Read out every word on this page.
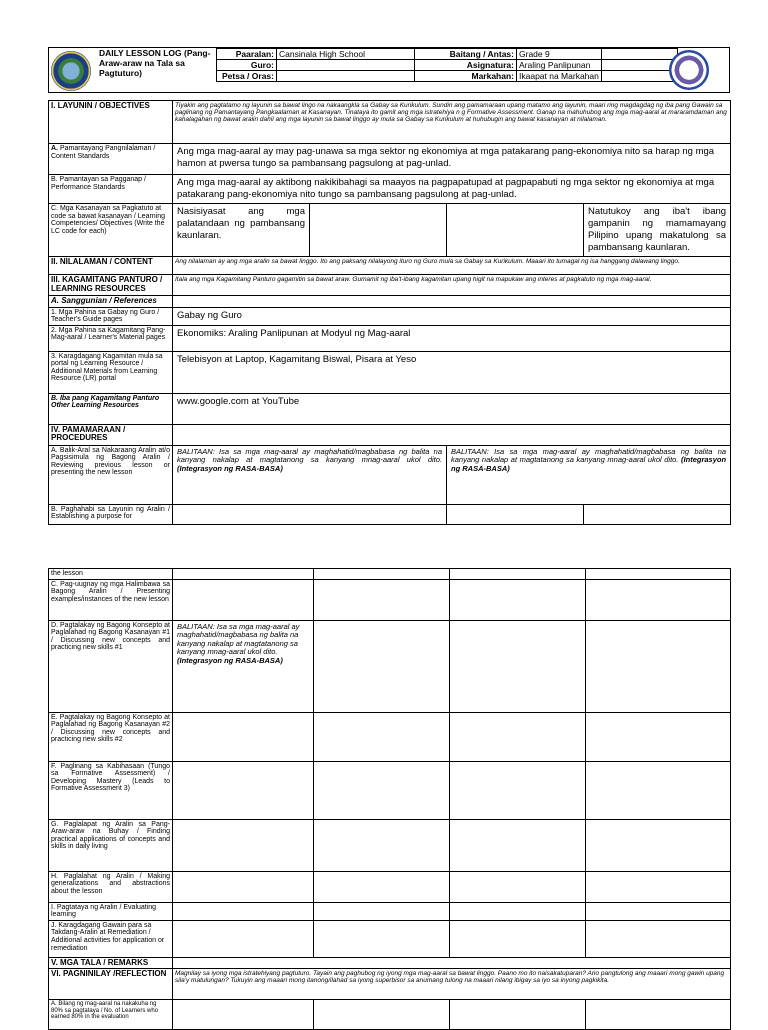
DAILY LESSON LOG (Pang-Araw-araw na Tala sa Pagtuturo)
Paaralan:	Cansinala High School	Baitang / Antas:	Grade 9	
Guro:		Asignatura:	Araling Panlipunan	
Petsa / Oras:		Markahan:	Ikaapat na Markahan	
I. LAYUNIN / OBJECTIVES	Tiyakin ang pagtatamo ng layunin sa bawat lingo na nakaangkla sa Gabay sa Kurikulum. Sundin ang pamamaraan upang matamo ang layunin, maari ring magdagdag ng iba pang Gawain sa paglinang ng Pamantayang Pangkaalaman at Kasanayan. Tinataya ito gamit ang mga istratehiya n g Formative Assessment. Ganap na mahuhubog ang mga mag-aaral at mararamdaman ang kahalagahan ng bawat aralin dahil ang mga layunin sa bawat linggo ay mula sa Gabay sa Kurikulum at huhubugin ang bawat kasanayan at nilalaman.			
A. Pamantayang Pangnilalaman / Content Standards	Ang mga mag-aaral ay may pag-unawa sa mga sektor ng ekonomiya at mga patakarang pang-ekonomiya nito sa harap ng mga hamon at pwersa tungo sa pambansang pagsulong at pag-unlad.			
B. Pamantayan sa Pagganap / Performance Standards	Ang mga mag-aaral ay aktibong nakikibahagi sa maayos na pagpapatupad at pagpapabuti ng mga sektor ng ekonomiya at mga patakarang pang-ekonomiya nito tungo sa pambansang pagsulong at pag-unlad.			
C. Mga Kasanayan sa Pagkatuto at code sa bawat kasanayan / Learning Competencies/ Objectives (Write the LC code for each)	Nasisiyasat ang mga palatandaan ng pambansang kaunlaran.			Natutukoy ang iba't ibang gampanin ng mamamayang Pilipino upang makatulong sa pambansang kaunlaran.
II. NILALAMAN / CONTENT	Ang nilalaman ay ang mga aralin sa bawat linggo. Ito ang paksang nilalayong ituro ng Guro mula sa Gabay sa Kurikulum. Maaari ito tumagal ng isa hanggang dalawang linggo.			
III. KAGAMITANG PANTURO / LEARNING RESOURCES	Itala ang mga Kagamitang Panturo gagamitin sa bawat araw. Gumamit ng iba't-ibang kagamitan upang higit na mapukaw ang interes at pagkatuto ng mga mag-aaral.			
A. Sanggunian / References				
1. Mga Pahina sa Gabay ng Guro / Teacher's Guide pages	Gabay ng Guro			
2. Mga Pahina sa Kagamitang Pang-Mag-aaral / Learner's Material pages	Ekonomiks: Araling Panlipunan at Modyul ng Mag-aaral			
3. Karagdagang Kagamitan mula sa portal ng Learning Resource / Additional Materials from Learning Resource (LR) portal	Telebisyon at Laptop, Kagamitang Biswal, Pisara at Yeso			
B. Iba pang Kagamitang Panturo Other Learning Resources	www.google.com at YouTube			
IV. PAMAMARAAN / PROCEDURES				
A. Balik-Aral sa Nakaraang Aralin at/o Pagsisimula ng Bagong Aralin / Reviewing previous lesson or presenting the new lesson	BALITAAN: Isa sa mga mag-aaral ay maghahatid/magbabasa ng balita na kanyang nakalap at magtatanong sa kanyang mnag-aaral ukol dito. (Integrasyon ng RASA-BASA)		BALITAAN: Isa sa mga mag-aaral ay maghahatid/magbabasa ng balita na kanyang nakalap at magtatanong sa kanyang mnag-aaral ukol dito. (Integrasyon ng RASA-BASA)	
B. Paghahabi sa Layunin ng Aralin / Establishing a purpose for				
the lesson				
C. Pag-uugnay ng mga Halimbawa sa Bagong Aralin / Presenting examples/instances of the new lesson				
D. Pagtalakay ng Bagong Konsepto at Paglalahad ng Bagong Kasanayan #1 / Discussing new concepts and practicing new skills #1	BALITAAN: Isa sa mga mag-aaral ay maghahatid/magbabasa ng balita na kanyang nakalap at magtatanong sa kanyang mnag-aaral ukol dito. (Integrasyon ng RASA-BASA)			
E. Pagtalakay ng Bagong Konsepto at Paglalahad ng Bagong Kasanayan #2 / Discussing new concepts and practicing new skills #2				
F. Paglinang sa Kabihasaan (Tungo sa Formative Assessment) / Developing Mastery (Leads to Formative Assessment 3)				
G. Paglalapat ng Aralin sa Pang-Araw-araw na Buhay / Finding practical applications of concepts and skills in daily living				
H. Paglalahat ng Aralin / Making generalizations and abstractions about the lesson				
I. Pagtataya ng Aralin / Evaluating learning				
J. Karagdagang Gawain para sa Takdang-Aralin at Remediation / Additional activities for application or remediation				
V. MGA TALA / REMARKS				
VI. PAGNINILAY /REFLECTION	Magnilay sa iyong mga istratehiyang pagtuturo. Tayain ang paghubog ng iyong mga mag-aaral sa bawat linggo. Paano mo ito naisakatuparan? Ano pangtulong ang maaari mong gawin upang sila'y matulungan? Tukuyin ang maaari mong itanong/ilahad sa iyong superbisor sa anumang tulong na maaari nilang ibigay sa iyo sa inyong pagkikita.			
A. Bilang ng mag-aaral na nakakuha ng 80% sa pagtataya / No. of Learners who earned 80% in the evaluation				
